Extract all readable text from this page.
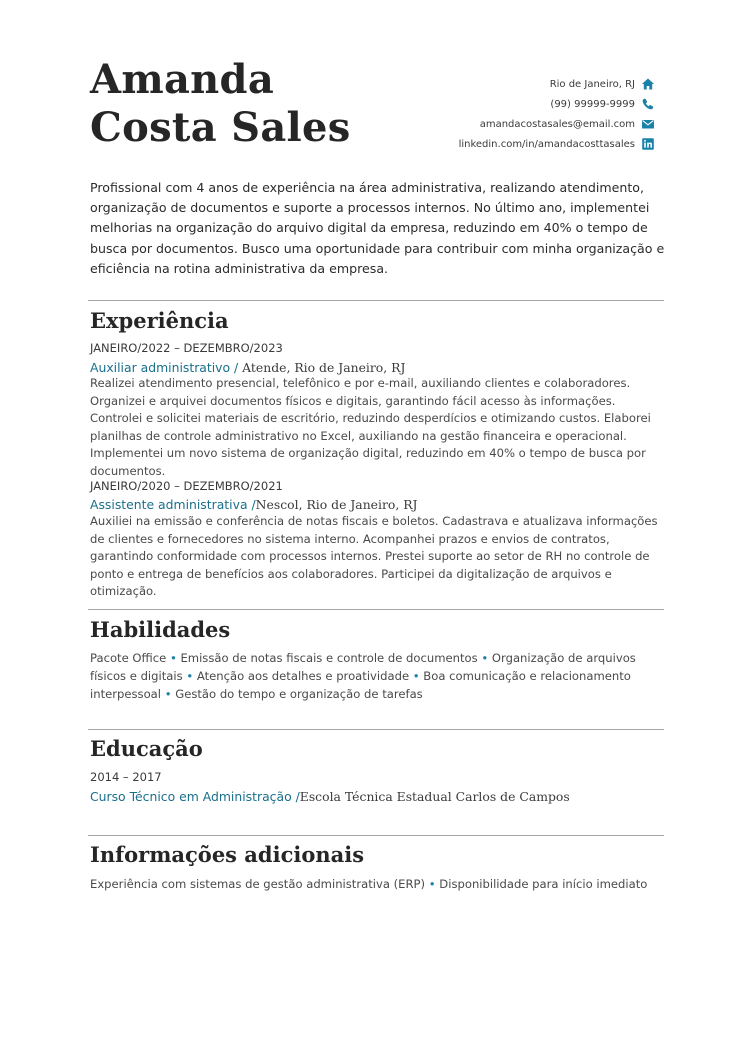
Amanda
Costa Sales
Rio de Janeiro, RJ
(99) 99999-9999
amandacostasales@email.com
linkedin.com/in/amandacosttasales

Profissional com 4 anos de experiência na área administrativa, realizando atendimento, organização de documentos e suporte a processos internos. No último ano, implementei melhorias na organização do arquivo digital da empresa, reduzindo em 40% o tempo de busca por documentos. Busco uma oportunidade para contribuir com minha organização e eficiência na rotina administrativa da empresa.

Experiência
JANEIRO/2022 – DEZEMBRO/2023
Auxiliar administrativo / Atende, Rio de Janeiro, RJ

Realizei atendimento presencial, telefônico e por e-mail, auxiliando clientes e colaboradores. Organizei e arquivei documentos físicos e digitais, garantindo fácil acesso às informações. Controlei e solicitei materiais de escritório, reduzindo desperdícios e otimizando custos. Elaborei planilhas de controle administrativo no Excel, auxiliando na gestão financeira e operacional. Implementei um novo sistema de organização digital, reduzindo em 40% o tempo de busca por documentos.

JANEIRO/2020 – DEZEMBRO/2021
Assistente administrativa /Nescol, Rio de Janeiro, RJ

Auxiliei na emissão e conferência de notas fiscais e boletos. Cadastrava e atualizava informações de clientes e fornecedores no sistema interno. Acompanhei prazos e envios de contratos, garantindo conformidade com processos internos. Prestei suporte ao setor de RH no controle de ponto e entrega de benefícios aos colaboradores. Participei da digitalização de arquivos e otimização.

Habilidades

Pacote Office • Emissão de notas fiscais e controle de documentos • Organização de arquivos físicos e digitais • Atenção aos detalhes e proatividade • Boa comunicação e relacionamento interpessoal • Gestão do tempo e organização de tarefas

Educação
2014 – 2017
Curso Técnico em Administração /Escola Técnica Estadual Carlos de Campos
Informações adicionais

Experiência com sistemas de gestão administrativa (ERP) • Disponibilidade para início imediato
